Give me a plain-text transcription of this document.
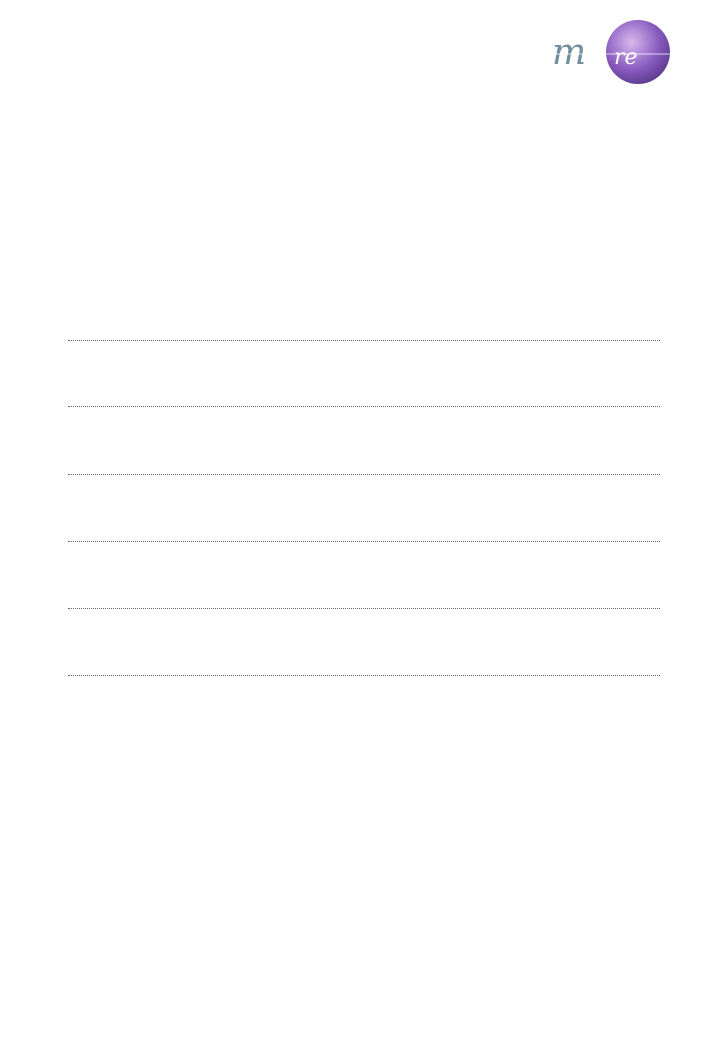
m a re
